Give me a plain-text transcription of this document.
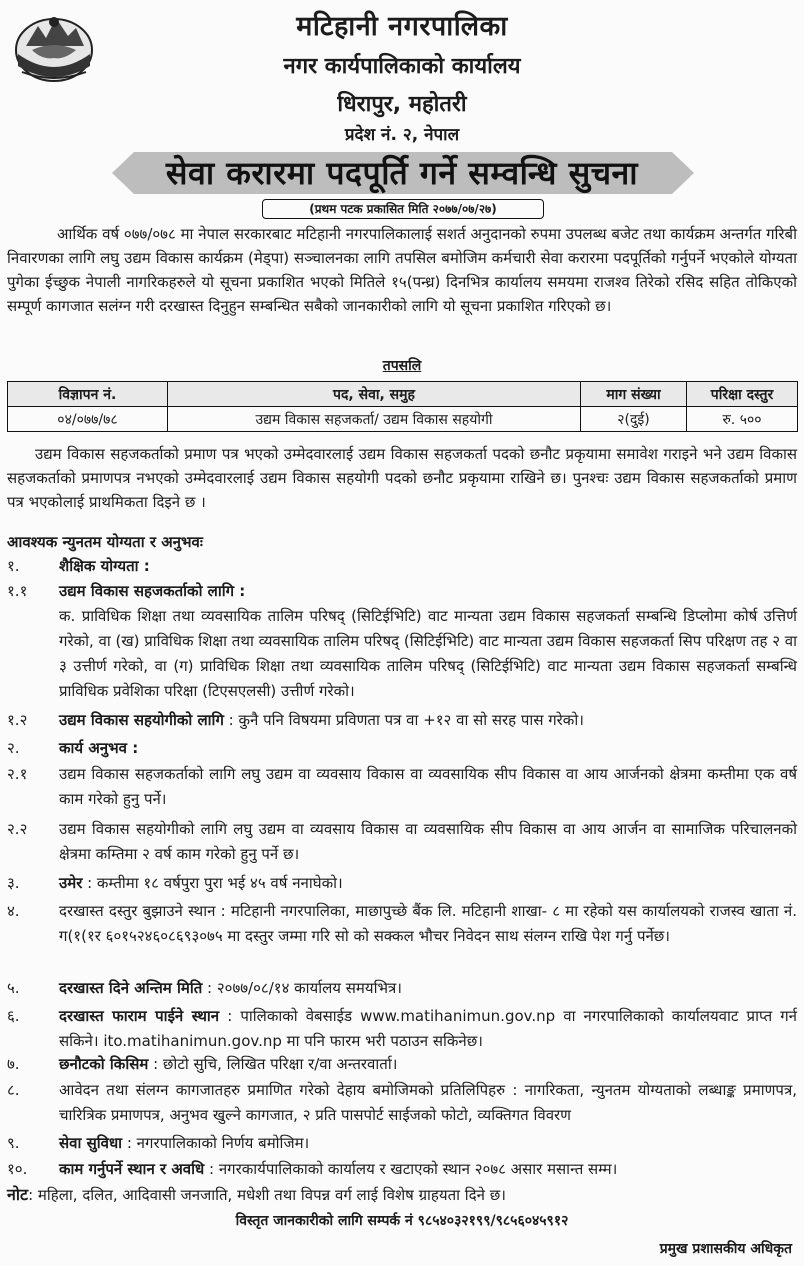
मटिहानी नगरपालिका
नगर कार्यपालिकाको कार्यालय
धिरापुर, महोतरी
प्रदेश नं. २, नेपाल
सेवा करारमा पदपूर्ति गर्ने सम्वन्धि सुचना
(प्रथम पटक प्रकासित मिति २०७७/०७/२७)
आर्थिक वर्ष ०७७/०७८ मा नेपाल सरकारबाट मटिहानी नगरपालिकालाई सशर्त अनुदानको रुपमा उपलब्ध बजेट तथा कार्यक्रम अन्तर्गत गरिबी निवारणका लागि लघु उद्यम विकास कार्यक्रम (मेड्पा) सञ्चालनका लागि तपसिल बमोजिम कर्मचारी सेवा करारमा पदपूर्तिको गर्नुपर्ने भएकोले योग्यता पुगेका ईच्छुक नेपाली नागरिकहरुले यो सूचना प्रकाशित भएको मितिले १५(पन्ध्र) दिनभित्र कार्यालय समयमा राजश्व तिरेको रसिद सहित तोकिएको सम्पूर्ण कागजात सलंग्न गरी दरखास्त दिनुहुन सम्बन्धित सबैको जानकारीको लागि यो सूचना प्रकाशित गरिएको छ।
तपसलि
विज्ञापन नं.	पद, सेवा, समुह	माग संख्या	परिक्षा दस्तुर
०४/०७७/७८	उद्यम विकास सहजकर्ता/ उद्यम विकास सहयोगी	२(दुई)	रु. ५००
उद्यम विकास सहजकर्ताको प्रमाण पत्र भएको उम्मेदवारलाई उद्यम विकास सहजकर्ता पदको छनौट प्रकृयामा समावेश गराइने भने उद्यम विकास सहजकर्ताको प्रमाणपत्र नभएको उम्मेदवारलाई उद्यम विकास सहयोगी पदको छनौट प्रकृयामा राखिने छ। पुनश्चः उद्यम विकास सहजकर्ताको प्रमाण पत्र भएकोलाई प्राथमिकता दिइने छ ।
आवश्यक न्युनतम योग्यता र अनुभवः
१.	शैक्षिक योग्यता :
१.१	उद्यम विकास सहजकर्ताको लागि :
क. प्राविधिक शिक्षा तथा व्यवसायिक तालिम परिषद् (सिटिईभिटि) वाट मान्यता उद्यम विकास सहजकर्ता सम्बन्धि डिप्लोमा कोर्ष उत्तिर्ण गरेको, वा (ख) प्राविधिक शिक्षा तथा व्यवसायिक तालिम परिषद् (सिटिईभिटि) वाट मान्यता उद्यम विकास सहजकर्ता सिप परिक्षण तह २ वा ३ उत्तीर्ण गरेको, वा (ग) प्राविधिक शिक्षा तथा व्यवसायिक तालिम परिषद् (सिटिईभिटि) वाट मान्यता उद्यम विकास सहजकर्ता सम्बन्धि प्राविधिक प्रवेशिका परिक्षा (टिएसएलसी) उत्तीर्ण गरेको।
१.२	उद्यम विकास सहयोगीको लागि : कुनै पनि विषयमा प्रविणता पत्र वा +१२ वा सो सरह पास गरेको।
२.	कार्य अनुभव :
२.१	उद्यम विकास सहजकर्ताको लागि लघु उद्यम वा व्यवसाय विकास वा व्यवसायिक सीप विकास वा आय आर्जनको क्षेत्रमा कम्तीमा एक वर्ष काम गरेको हुनु पर्ने।
२.२	उद्यम विकास सहयोगीको लागि लघु उद्यम वा व्यवसाय विकास वा व्यवसायिक सीप विकास वा आय आर्जन वा सामाजिक परिचालनको क्षेत्रमा कम्तिमा २ वर्ष काम गरेको हुनु पर्ने छ।
३.	उमेर : कम्तीमा १८ वर्षपुरा पुरा भई ४५ वर्ष ननाघेको।
४.	दरखास्त दस्तुर बुझाउने स्थान : मटिहानी नगरपालिका, माछापुच्छे बैंक लि. मटिहानी शाखा- ८ मा रहेको यस कार्यालयको राजस्व खाता नं. ग(१(१र ६०१५२४६०८६९३०७५ मा दस्तुर जम्मा गरि सो को सक्कल भौचर निवेदन साथ संलग्न राखि पेश गर्नु पर्नेछ।
५.	दरखास्त दिने अन्तिम मिति : २०७७/०८/१४ कार्यालय समयभित्र।
६.	दरखास्त फाराम पाईने स्थान : पालिकाको वेबसाईड www.matihanimun.gov.np वा नगरपालिकाको कार्यालयवाट प्राप्त गर्न सकिने। ito.matihanimun.gov.np मा पनि फारम भरी पठाउन सकिनेछ।
७.	छनौटको किसिम : छोटो सुचि, लिखित परिक्षा र/वा अन्तरवार्ता।
८.	आवेदन तथा संलग्न कागजातहरु प्रमाणित गरेको देहाय बमोजिमको प्रतिलिपिहरु : नागरिकता, न्युनतम योग्यताको लब्धाङ्क प्रमाणपत्र, चारित्रिक प्रमाणपत्र, अनुभव खुल्ने कागजात, २ प्रति पासपोर्ट साईजको फोटो, व्यक्तिगत विवरण
९.	सेवा सुविधा : नगरपालिकाको निर्णय बमोजिम।
१०.	काम गर्नुपर्ने स्थान र अवधि : नगरकार्यपालिकाको कार्यालय र खटाएको स्थान २०७८ असार मसान्त सम्म।
नोट: महिला, दलित, आदिवासी जनजाति, मधेशी तथा विपन्न वर्ग लाई विशेष ग्राहयता दिने छ।
विस्तृत जानकारीको लागि सम्पर्क नं ९८५४०३२१९९/९८५६०४५९१२
प्रमुख प्रशासकीय अधिकृत
